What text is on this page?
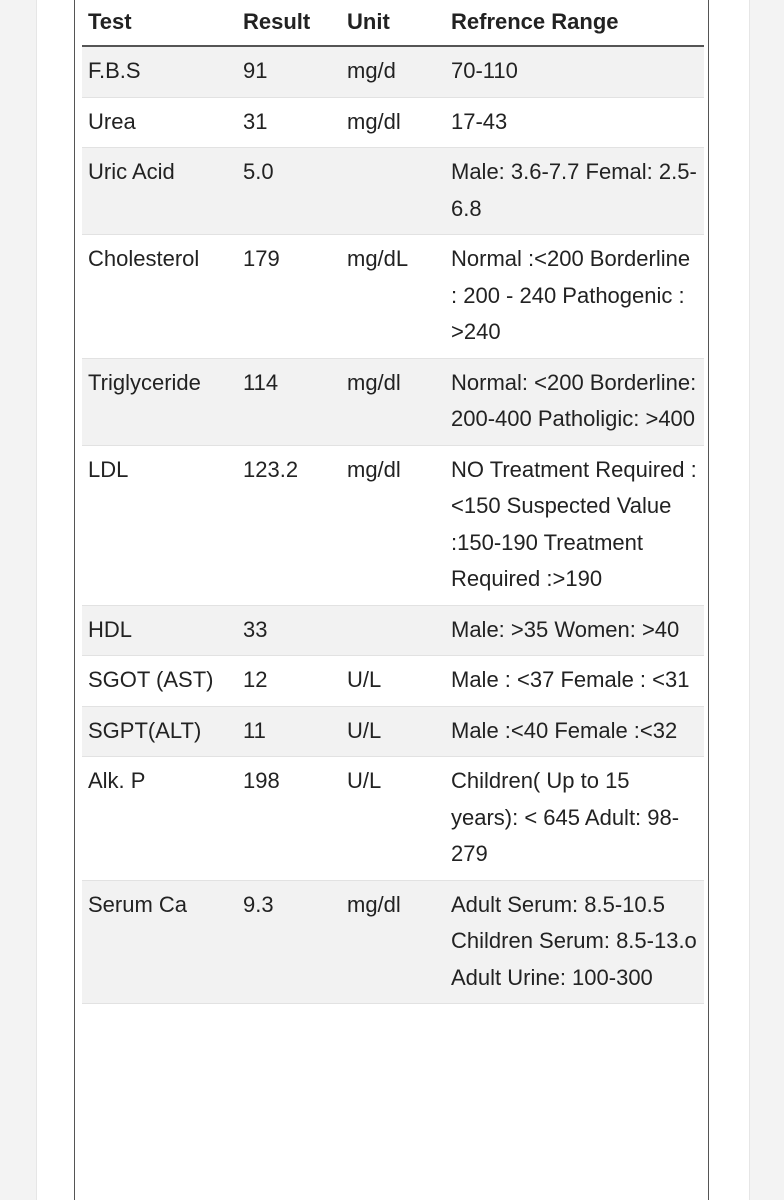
Test	Result	Unit	Refrence Range
F.B.S	91	mg/d	70-110
Urea	31	mg/dl	17-43
Uric Acid	5.0		Male: 3.6-7.7 Femal: 2.5-6.8
Cholesterol	179	mg/dL	Normal :<200 Borderline : 200 - 240 Pathogenic : >240
Triglyceride	114	mg/dl	Normal: <200 Borderline: 200-400 Patholigic: >400
LDL	123.2	mg/dl	NO Treatment Required :<150 Suspected Value :150-190 Treatment Required :>190
HDL	33		Male: >35 Women: >40
SGOT (AST)	12	U/L	Male : <37 Female : <31
SGPT(ALT)	11	U/L	Male :<40 Female :<32
Alk. P	198	U/L	Children( Up to 15 years): < 645 Adult: 98-279
Serum Ca	9.3	mg/dl	Adult Serum: 8.5-10.5 Children Serum: 8.5-13.o Adult Urine: 100-300
